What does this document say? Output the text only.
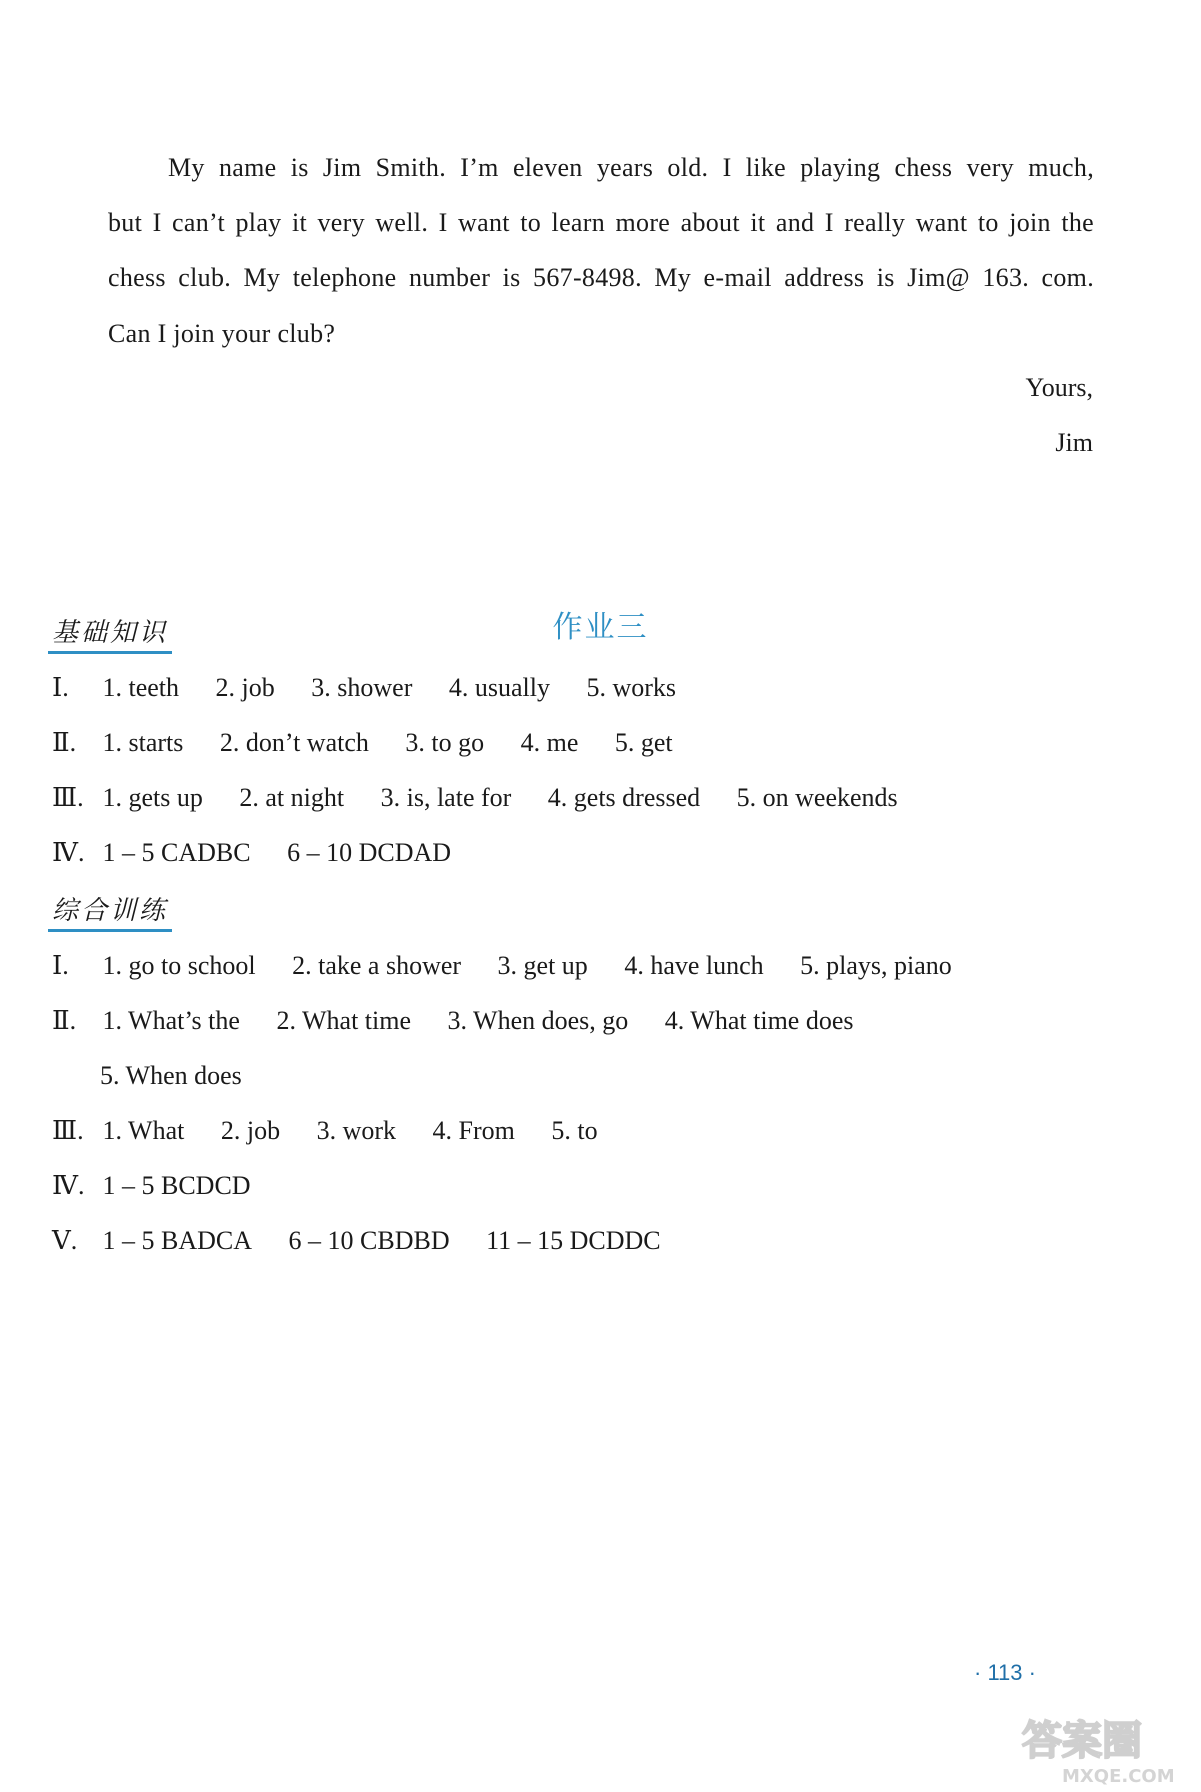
My name is Jim Smith. I’m eleven years old. I like playing chess very much,
but I can’t play it very well. I want to learn more about it and I really want to join the
chess club. My telephone number is 567-8498. My e-mail address is Jim@ 163. com.
Can I join your club?
Yours,
Jim
作业三
基础知识
Ⅰ. 1. teeth 2. job 3. shower 4. usually 5. works
Ⅱ. 1. starts 2. don’t watch 3. to go 4. me 5. get
Ⅲ. 1. gets up 2. at night 3. is, late for 4. gets dressed 5. on weekends
Ⅳ. 1 – 5 CADBC 6 – 10 DCDAD
综合训练
Ⅰ. 1. go to school 2. take a shower 3. get up 4. have lunch 5. plays, piano
Ⅱ. 1. What’s the 2. What time 3. When does, go 4. What time does
5. When does
Ⅲ. 1. What 2. job 3. work 4. From 5. to
Ⅳ. 1 – 5 BCDCD
Ⅴ. 1 – 5 BADCA 6 – 10 CBDBD 11 – 15 DCDDC
· 113 ·
答案圈
MXQE.COM
